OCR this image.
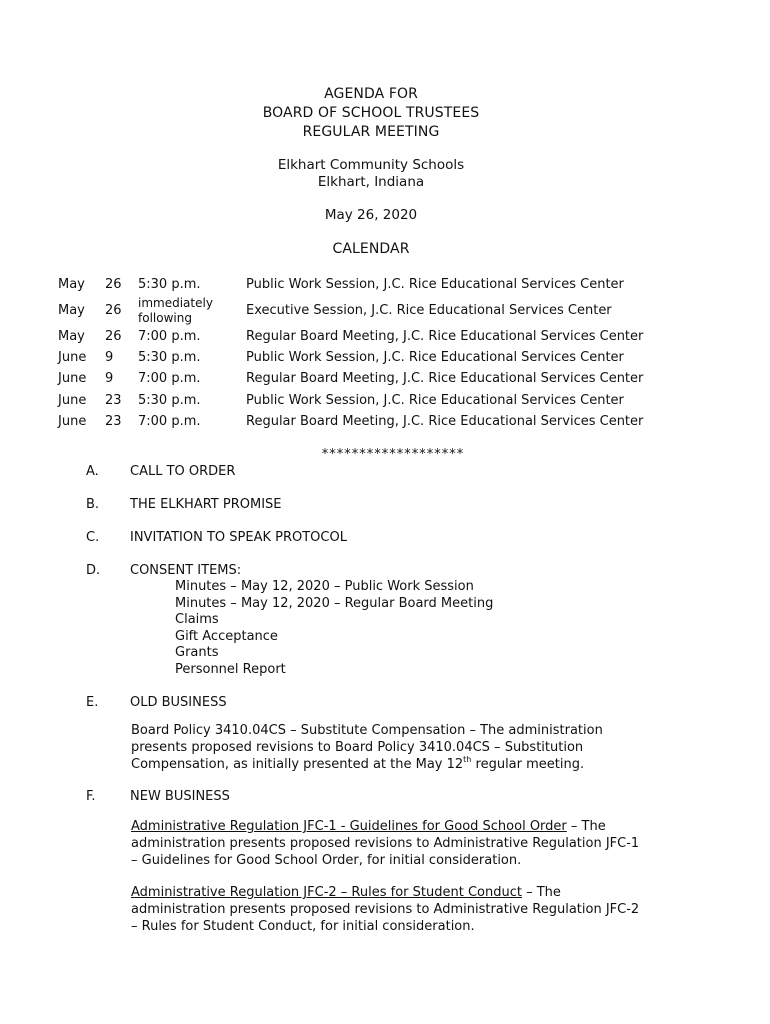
AGENDA FOR
BOARD OF SCHOOL TRUSTEES
REGULAR MEETING
Elkhart Community Schools
Elkhart, Indiana
May 26, 2020
CALENDAR
May 26 5:30 p.m.	Public Work Session, J.C. Rice Educational Services Center
May 26 immediately following	Executive Session, J.C. Rice Educational Services Center
May 26 7:00 p.m.	Regular Board Meeting, J.C. Rice Educational Services Center
June 9 5:30 p.m.	Public Work Session, J.C. Rice Educational Services Center
June 9 7:00 p.m.	Regular Board Meeting, J.C. Rice Educational Services Center
June 23 5:30 p.m.	Public Work Session, J.C. Rice Educational Services Center
June 23 7:00 p.m.	Regular Board Meeting, J.C. Rice Educational Services Center
*******************
A. CALL TO ORDER
B. THE ELKHART PROMISE
C. INVITATION TO SPEAK PROTOCOL
D. CONSENT ITEMS:
Minutes – May 12, 2020 – Public Work Session
Minutes – May 12, 2020 – Regular Board Meeting
Claims
Gift Acceptance
Grants
Personnel Report
E. OLD BUSINESS
Board Policy 3410.04CS – Substitute Compensation – The administration presents proposed revisions to Board Policy 3410.04CS – Substitution Compensation, as initially presented at the May 12th regular meeting.
F.	NEW BUSINESS
Administrative Regulation JFC-1 - Guidelines for Good School Order – The administration presents proposed revisions to Administrative Regulation JFC-1 – Guidelines for Good School Order, for initial consideration.
Administrative Regulation JFC-2 – Rules for Student Conduct – The administration presents proposed revisions to Administrative Regulation JFC-2 – Rules for Student Conduct, for initial consideration.
